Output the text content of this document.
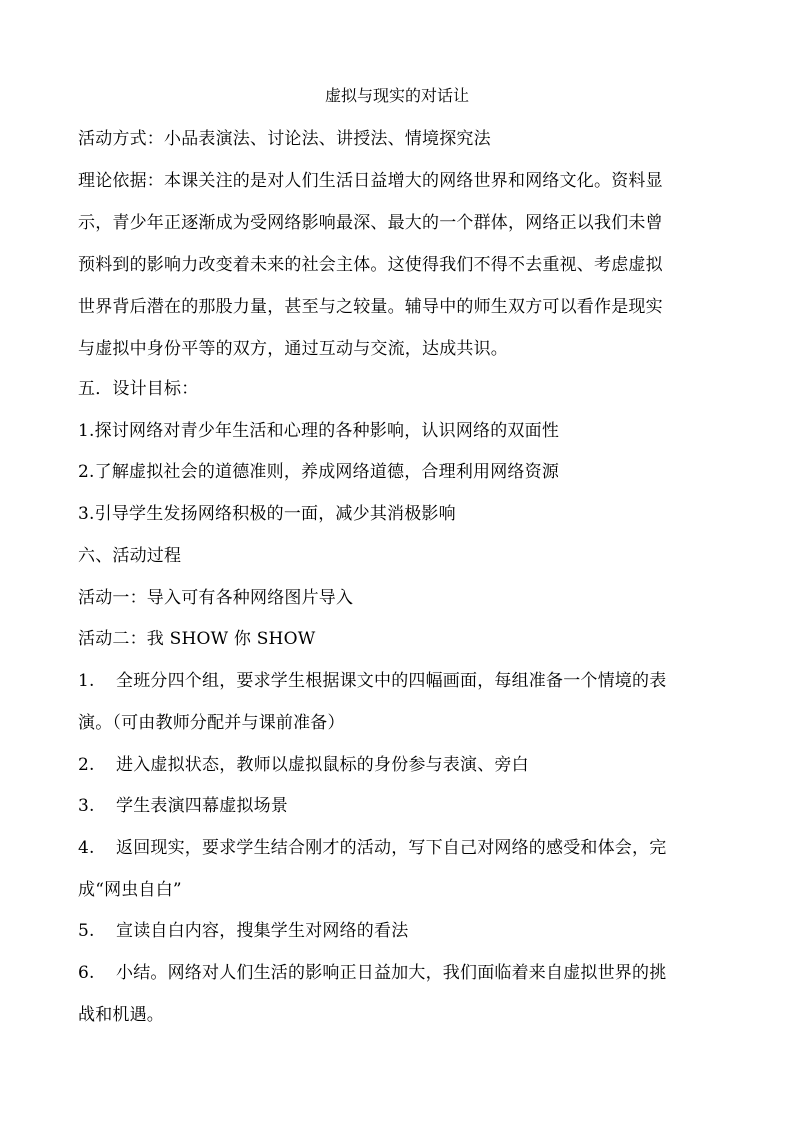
虚拟与现实的对话让
活动方式：小品表演法、讨论法、讲授法、情境探究法
理论依据：本课关注的是对人们生活日益增大的网络世界和网络文化。资料显
示，青少年正逐渐成为受网络影响最深、最大的一个群体，网络正以我们未曾
预料到的影响力改变着未来的社会主体。这使得我们不得不去重视、考虑虚拟
世界背后潜在的那股力量，甚至与之较量。辅导中的师生双方可以看作是现实
与虚拟中身份平等的双方，通过互动与交流，达成共识。
五．设计目标：
1.探讨网络对青少年生活和心理的各种影响，认识网络的双面性
2.了解虚拟社会的道德准则，养成网络道德，合理利用网络资源
3.引导学生发扬网络积极的一面，减少其消极影响
六、活动过程
活动一：导入可有各种网络图片导入
活动二：我 SHOW 你 SHOW
1. 全班分四个组，要求学生根据课文中的四幅画面，每组准备一个情境的表
演。（可由教师分配并与课前准备）
2. 进入虚拟状态，教师以虚拟鼠标的身份参与表演、旁白
3. 学生表演四幕虚拟场景
4. 返回现实，要求学生结合刚才的活动，写下自己对网络的感受和体会，完
成“网虫自白”
5. 宣读自白内容，搜集学生对网络的看法
6. 小结。网络对人们生活的影响正日益加大，我们面临着来自虚拟世界的挑
战和机遇。
